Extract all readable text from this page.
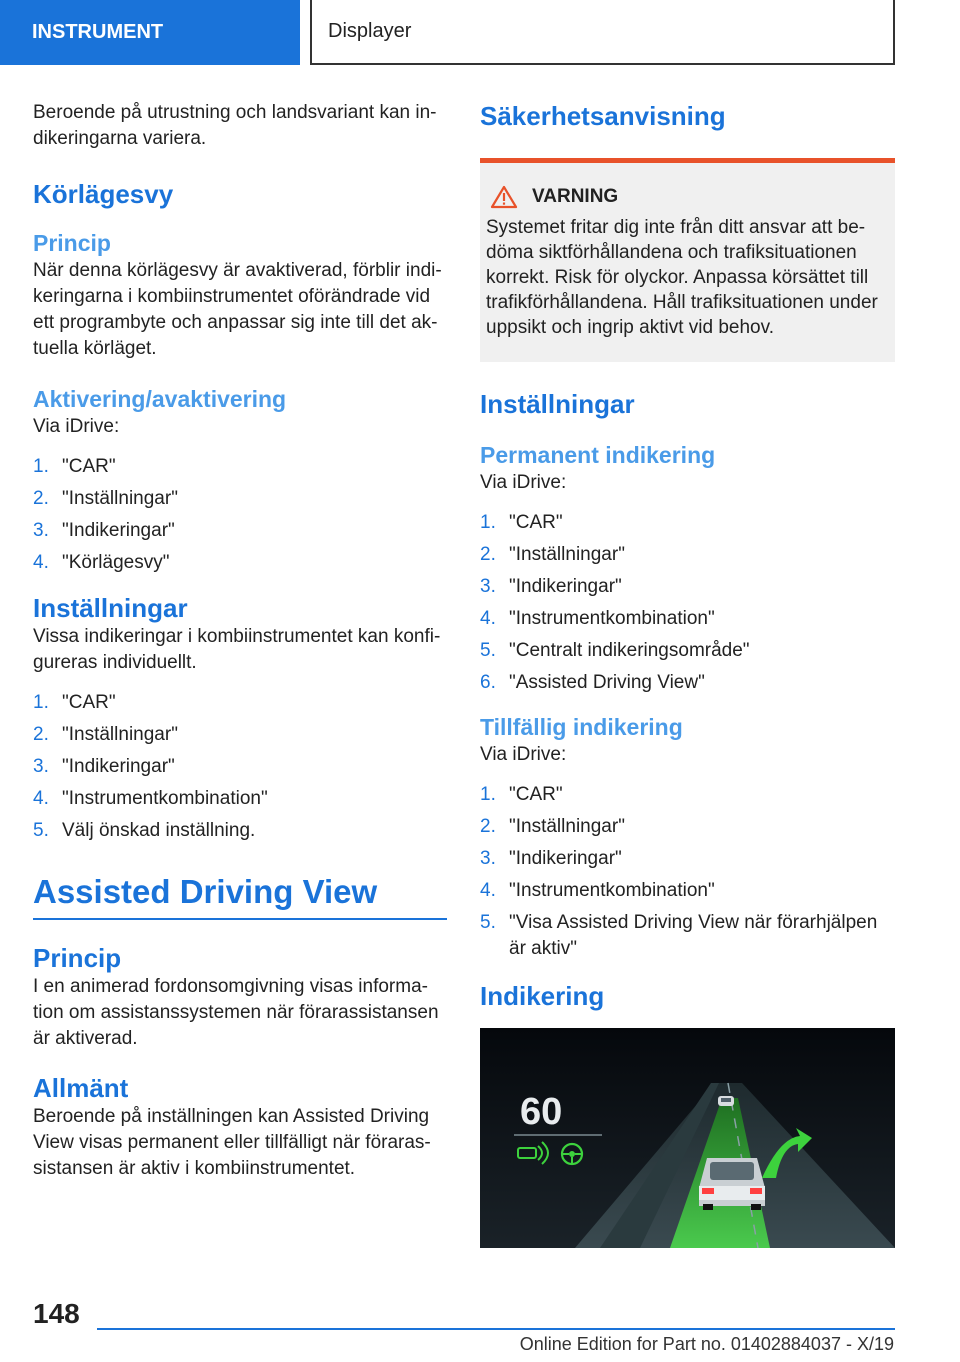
INSTRUMENT	Displayer

Beroende på utrustning och landsvariant kan in-dikeringarna variera.

Körlägesvy
Princip

När denna körlägesvy är avaktiverad, förblir indi-keringarna i kombiinstrumentet oförändrade vid ett programbyte och anpassar sig inte till det ak-tuella körläget.

Aktivering/avaktivering

Via iDrive:

1. "CAR"
2. "Inställningar"
3. "Indikeringar"
4. "Körlägesvy"
Inställningar

Vissa indikeringar i kombiinstrumentet kan konfi-gureras individuellt.

1. "CAR"
2. "Inställningar"
3. "Indikeringar"
4. "Instrumentkombination"
5. Välj önskad inställning.
Assisted Driving View
Princip

I en animerad fordonsomgivning visas informa-tion om assistanssystemen när förarassistansen är aktiverad.

Allmänt

Beroende på inställningen kan Assisted Driving View visas permanent eller tillfälligt när föraras-sistansen är aktiv i kombiinstrumentet.

Säkerhetsanvisning
VARNING

Systemet fritar dig inte från ditt ansvar att be-döma siktförhållandena och trafiksituationen korrekt. Risk för olyckor. Anpassa körsättet till trafikförhållandena. Håll trafiksituationen under uppsikt och ingrip aktivt vid behov.

Inställningar
Permanent indikering

Via iDrive:

1. "CAR"
2. "Inställningar"
3. "Indikeringar"
4. "Instrumentkombination"
5. "Centralt indikeringsområde"
6. "Assisted Driving View"
Tillfällig indikering

Via iDrive:

1. "CAR"
2. "Inställningar"
3. "Indikeringar"
4. "Instrumentkombination"
5. "Visa Assisted Driving View när förarhjälpen är aktiv"
Indikering
60
148
Online Edition for Part no. 01402884037 - X/19
